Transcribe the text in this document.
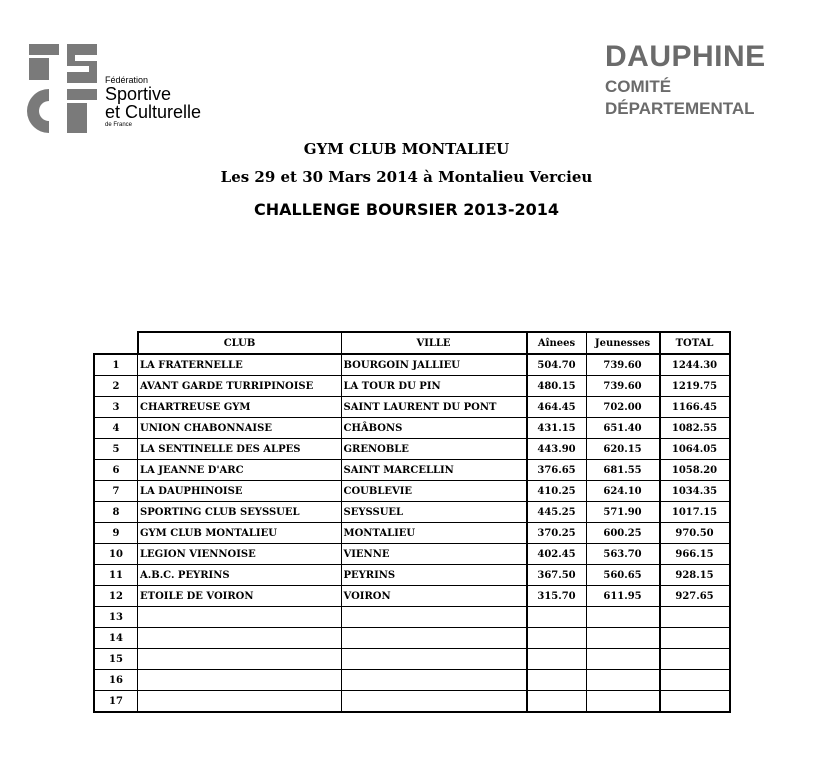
Fédération
Sportive
et Culturelle
de France
DAUPHINE
COMITÉ
DÉPARTEMENTAL
GYM CLUB MONTALIEU
Les 29 et 30 Mars 2014 à Montalieu Vercieu
CHALLENGE BOURSIER 2013-2014
	CLUB	VILLE	Aînees	Jeunesses	TOTAL
1	LA FRATERNELLE	BOURGOIN JALLIEU	504.70	739.60	1244.30
2	AVANT GARDE TURRIPINOISE	LA TOUR DU PIN	480.15	739.60	1219.75
3	CHARTREUSE GYM	SAINT LAURENT DU PONT	464.45	702.00	1166.45
4	UNION CHABONNAISE	CHÂBONS	431.15	651.40	1082.55
5	LA SENTINELLE DES ALPES	GRENOBLE	443.90	620.15	1064.05
6	LA JEANNE D'ARC	SAINT MARCELLIN	376.65	681.55	1058.20
7	LA DAUPHINOISE	COUBLEVIE	410.25	624.10	1034.35
8	SPORTING CLUB SEYSSUEL	SEYSSUEL	445.25	571.90	1017.15
9	GYM CLUB MONTALIEU	MONTALIEU	370.25	600.25	970.50
10	LEGION VIENNOISE	VIENNE	402.45	563.70	966.15
11	A.B.C. PEYRINS	PEYRINS	367.50	560.65	928.15
12	ETOILE DE VOIRON	VOIRON	315.70	611.95	927.65
13					
14					
15					
16					
17					
